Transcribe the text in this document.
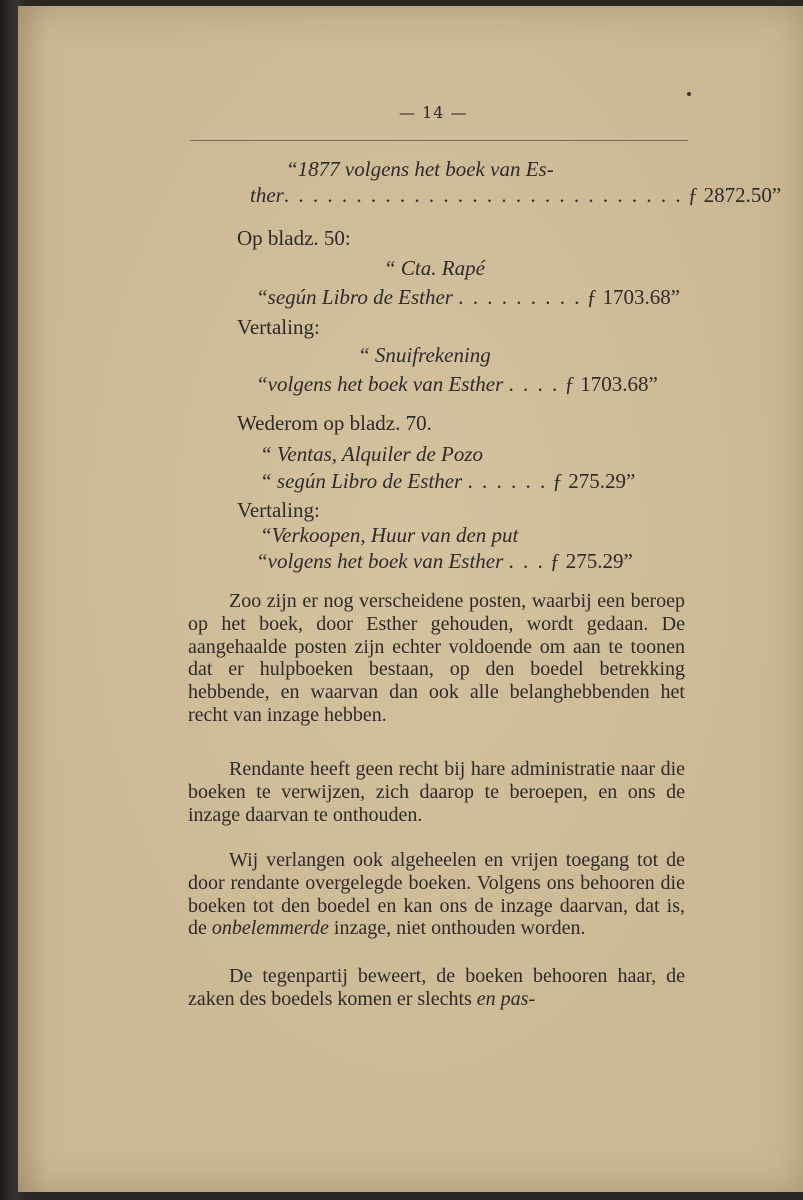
— 14 —
“1877 volgens het boek van Es-
ther. . . . . . . . . . . . . . . . . . . . . . . . . . . . ƒ 2872.50”
Op bladz. 50:
“ Cta. Rapé
“según Libro de Esther . . . . . . . . . ƒ 1703.68”
Vertaling:
“ Snuifrekening
“volgens het boek van Esther . . . . ƒ 1703.68”
Wederom op bladz. 70.
“ Ventas, Alquiler de Pozo
“ según Libro de Esther . . . . . . ƒ 275.29”
Vertaling:
“Verkoopen, Huur van den put
“volgens het boek van Esther . . . ƒ 275.29”

Zoo zijn er nog verscheidene posten, waarbij een beroep op het boek, door Esther gehouden, wordt gedaan. De aangehaalde posten zijn echter voldoende om aan te toonen dat er hulpboeken bestaan, op den boedel betrekking hebbende, en waarvan dan ook alle belanghebbenden het recht van inzage hebben.

Rendante heeft geen recht bij hare administratie naar die boeken te verwijzen, zich daarop te beroepen, en ons de inzage daarvan te onthouden.

Wij verlangen ook algeheelen en vrijen toegang tot de door rendante overgelegde boeken. Volgens ons behooren die boeken tot den boedel en kan ons de inzage daarvan, dat is, de onbelemmerde inzage, niet onthouden worden.

De tegenpartij beweert, de boeken behooren haar, de zaken des boedels komen er slechts en pas-
